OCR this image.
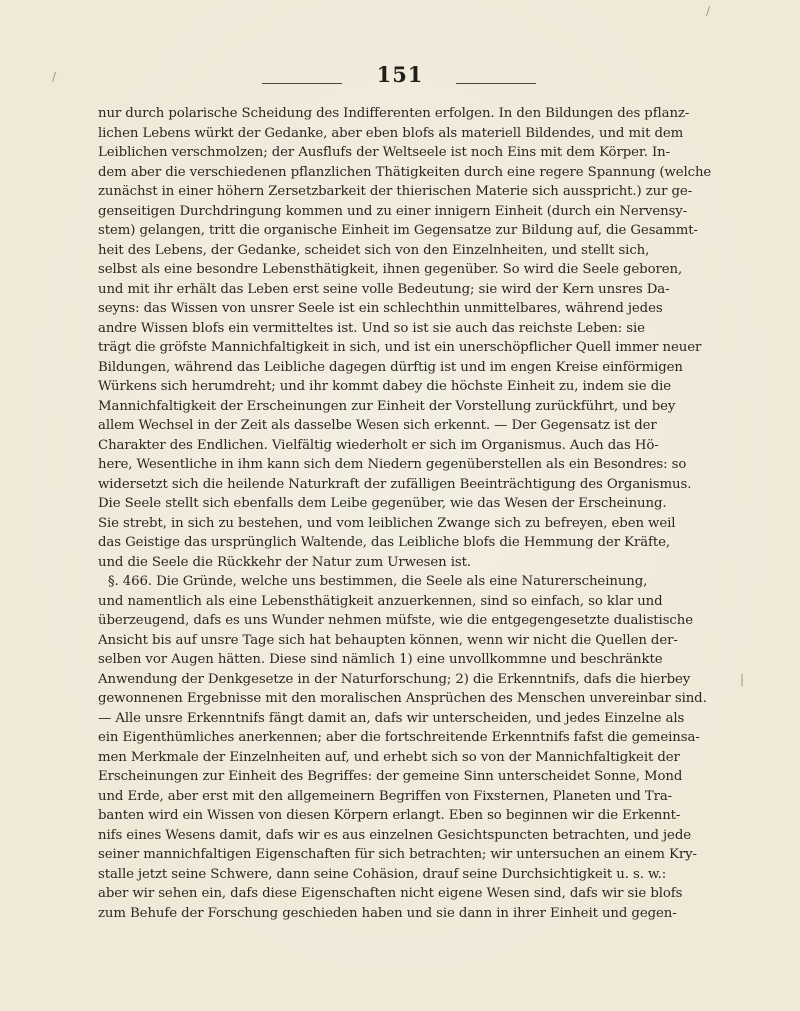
/
/
|
151
nur durch polarische Scheidung des Indifferenten erfolgen. In den Bildungen des pflanz-
lichen Lebens würkt der Gedanke, aber eben blofs als materiell Bildendes, und mit dem
Leiblichen verschmolzen; der Ausflufs der Weltseele ist noch Eins mit dem Körper. In-
dem aber die verschiedenen pflanzlichen Thätigkeiten durch eine regere Spannung (welche
zunächst in einer höhern Zersetzbarkeit der thierischen Materie sich ausspricht.) zur ge-
genseitigen Durchdringung kommen und zu einer innigern Einheit (durch ein Nervensy-
stem) gelangen, tritt die organische Einheit im Gegensatze zur Bildung auf, die Gesammt-
heit des Lebens, der Gedanke, scheidet sich von den Einzelnheiten, und stellt sich,
selbst als eine besondre Lebensthätigkeit, ihnen gegenüber. So wird die Seele geboren,
und mit ihr erhält das Leben erst seine volle Bedeutung; sie wird der Kern unsres Da-
seyns: das Wissen von unsrer Seele ist ein schlechthin unmittelbares, während jedes
andre Wissen blofs ein vermitteltes ist. Und so ist sie auch das reichste Leben: sie
trägt die gröfste Mannichfaltigkeit in sich, und ist ein unerschöpflicher Quell immer neuer
Bildungen, während das Leibliche dagegen dürftig ist und im engen Kreise einförmigen
Würkens sich herumdreht; und ihr kommt dabey die höchste Einheit zu, indem sie die
Mannichfaltigkeit der Erscheinungen zur Einheit der Vorstellung zurückführt, und bey
allem Wechsel in der Zeit als dasselbe Wesen sich erkennt. — Der Gegensatz ist der
Charakter des Endlichen. Vielfältig wiederholt er sich im Organismus. Auch das Hö-
here, Wesentliche in ihm kann sich dem Niedern gegenüberstellen als ein Besondres: so
widersetzt sich die heilende Naturkraft der zufälligen Beeinträchtigung des Organismus.
Die Seele stellt sich ebenfalls dem Leibe gegenüber, wie das Wesen der Erscheinung.
Sie strebt, in sich zu bestehen, und vom leiblichen Zwange sich zu befreyen, eben weil
das Geistige das ursprünglich Waltende, das Leibliche blofs die Hemmung der Kräfte,
und die Seele die Rückkehr der Natur zum Urwesen ist.
§. 466. Die Gründe, welche uns bestimmen, die Seele als eine Naturerscheinung,
und namentlich als eine Lebensthätigkeit anzuerkennen, sind so einfach, so klar und
überzeugend, dafs es uns Wunder nehmen müfste, wie die entgegengesetzte dualistische
Ansicht bis auf unsre Tage sich hat behaupten können, wenn wir nicht die Quellen der-
selben vor Augen hätten. Diese sind nämlich 1) eine unvollkommne und beschränkte
Anwendung der Denkgesetze in der Naturforschung; 2) die Erkenntnifs, dafs die hierbey
gewonnenen Ergebnisse mit den moralischen Ansprüchen des Menschen unvereinbar sind.
— Alle unsre Erkenntnifs fängt damit an, dafs wir unterscheiden, und jedes Einzelne als
ein Eigenthümliches anerkennen; aber die fortschreitende Erkenntnifs fafst die gemeinsa-
men Merkmale der Einzelnheiten auf, und erhebt sich so von der Mannichfaltigkeit der
Erscheinungen zur Einheit des Begriffes: der gemeine Sinn unterscheidet Sonne, Mond
und Erde, aber erst mit den allgemeinern Begriffen von Fixsternen, Planeten und Tra-
banten wird ein Wissen von diesen Körpern erlangt. Eben so beginnen wir die Erkennt-
nifs eines Wesens damit, dafs wir es aus einzelnen Gesichtspuncten betrachten, und jede
seiner mannichfaltigen Eigenschaften für sich betrachten; wir untersuchen an einem Kry-
stalle jetzt seine Schwere, dann seine Cohäsion, drauf seine Durchsichtigkeit u. s. w.:
aber wir sehen ein, dafs diese Eigenschaften nicht eigene Wesen sind, dafs wir sie blofs
zum Behufe der Forschung geschieden haben und sie dann in ihrer Einheit und gegen-
